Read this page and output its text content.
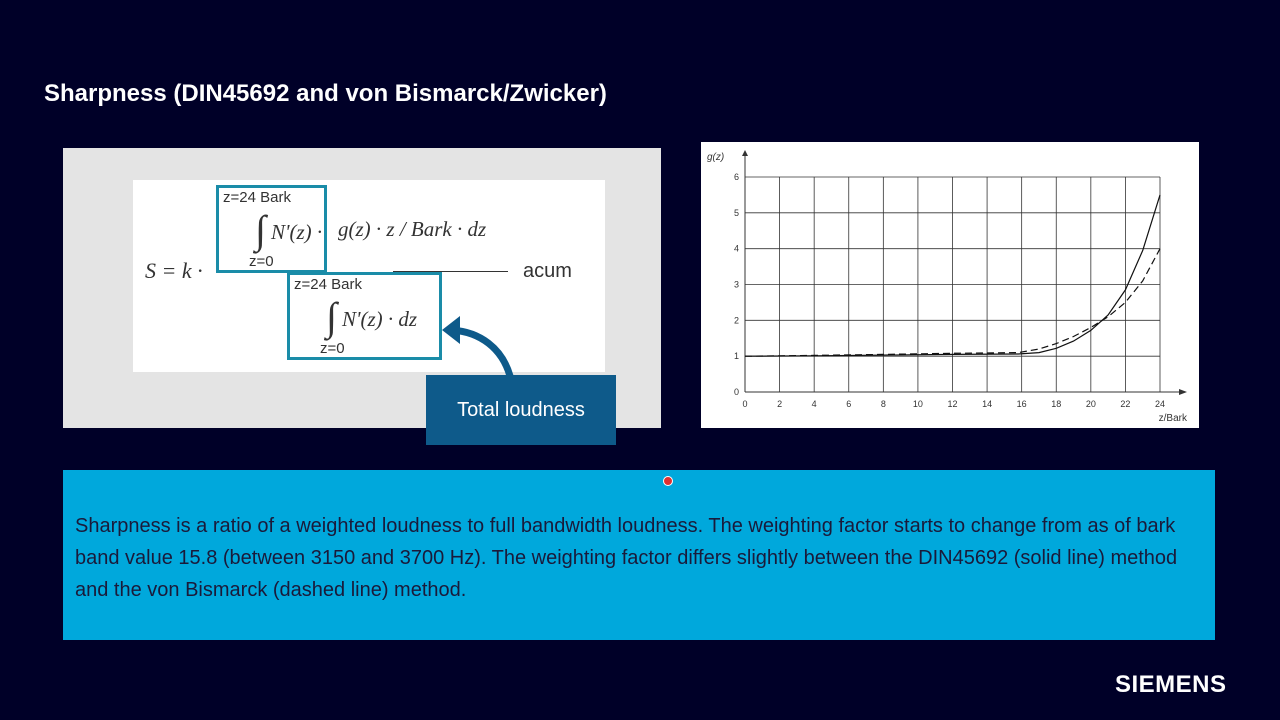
Sharpness (DIN45692 and von Bismarck/Zwicker)
S = k ·
z=24 Bark
∫ N'(z) ·
z=0
g(z) · z / Bark · dz
acum
z=24 Bark
∫ N'(z) · dz
z=0
Total loudness	0	2	4	6	8	10	12	14	16	18	20	22	24
0
1
2
3
4
5
6
g(z)
z/Bark

Sharpness is a ratio of a weighted loudness to full bandwidth loudness. The weighting factor starts to change from as of bark band value 15.8 (between 3150 and 3700 Hz). The weighting factor differs slightly between the DIN45692 (solid line) method and the von Bismarck (dashed line) method.

SIEMENS
